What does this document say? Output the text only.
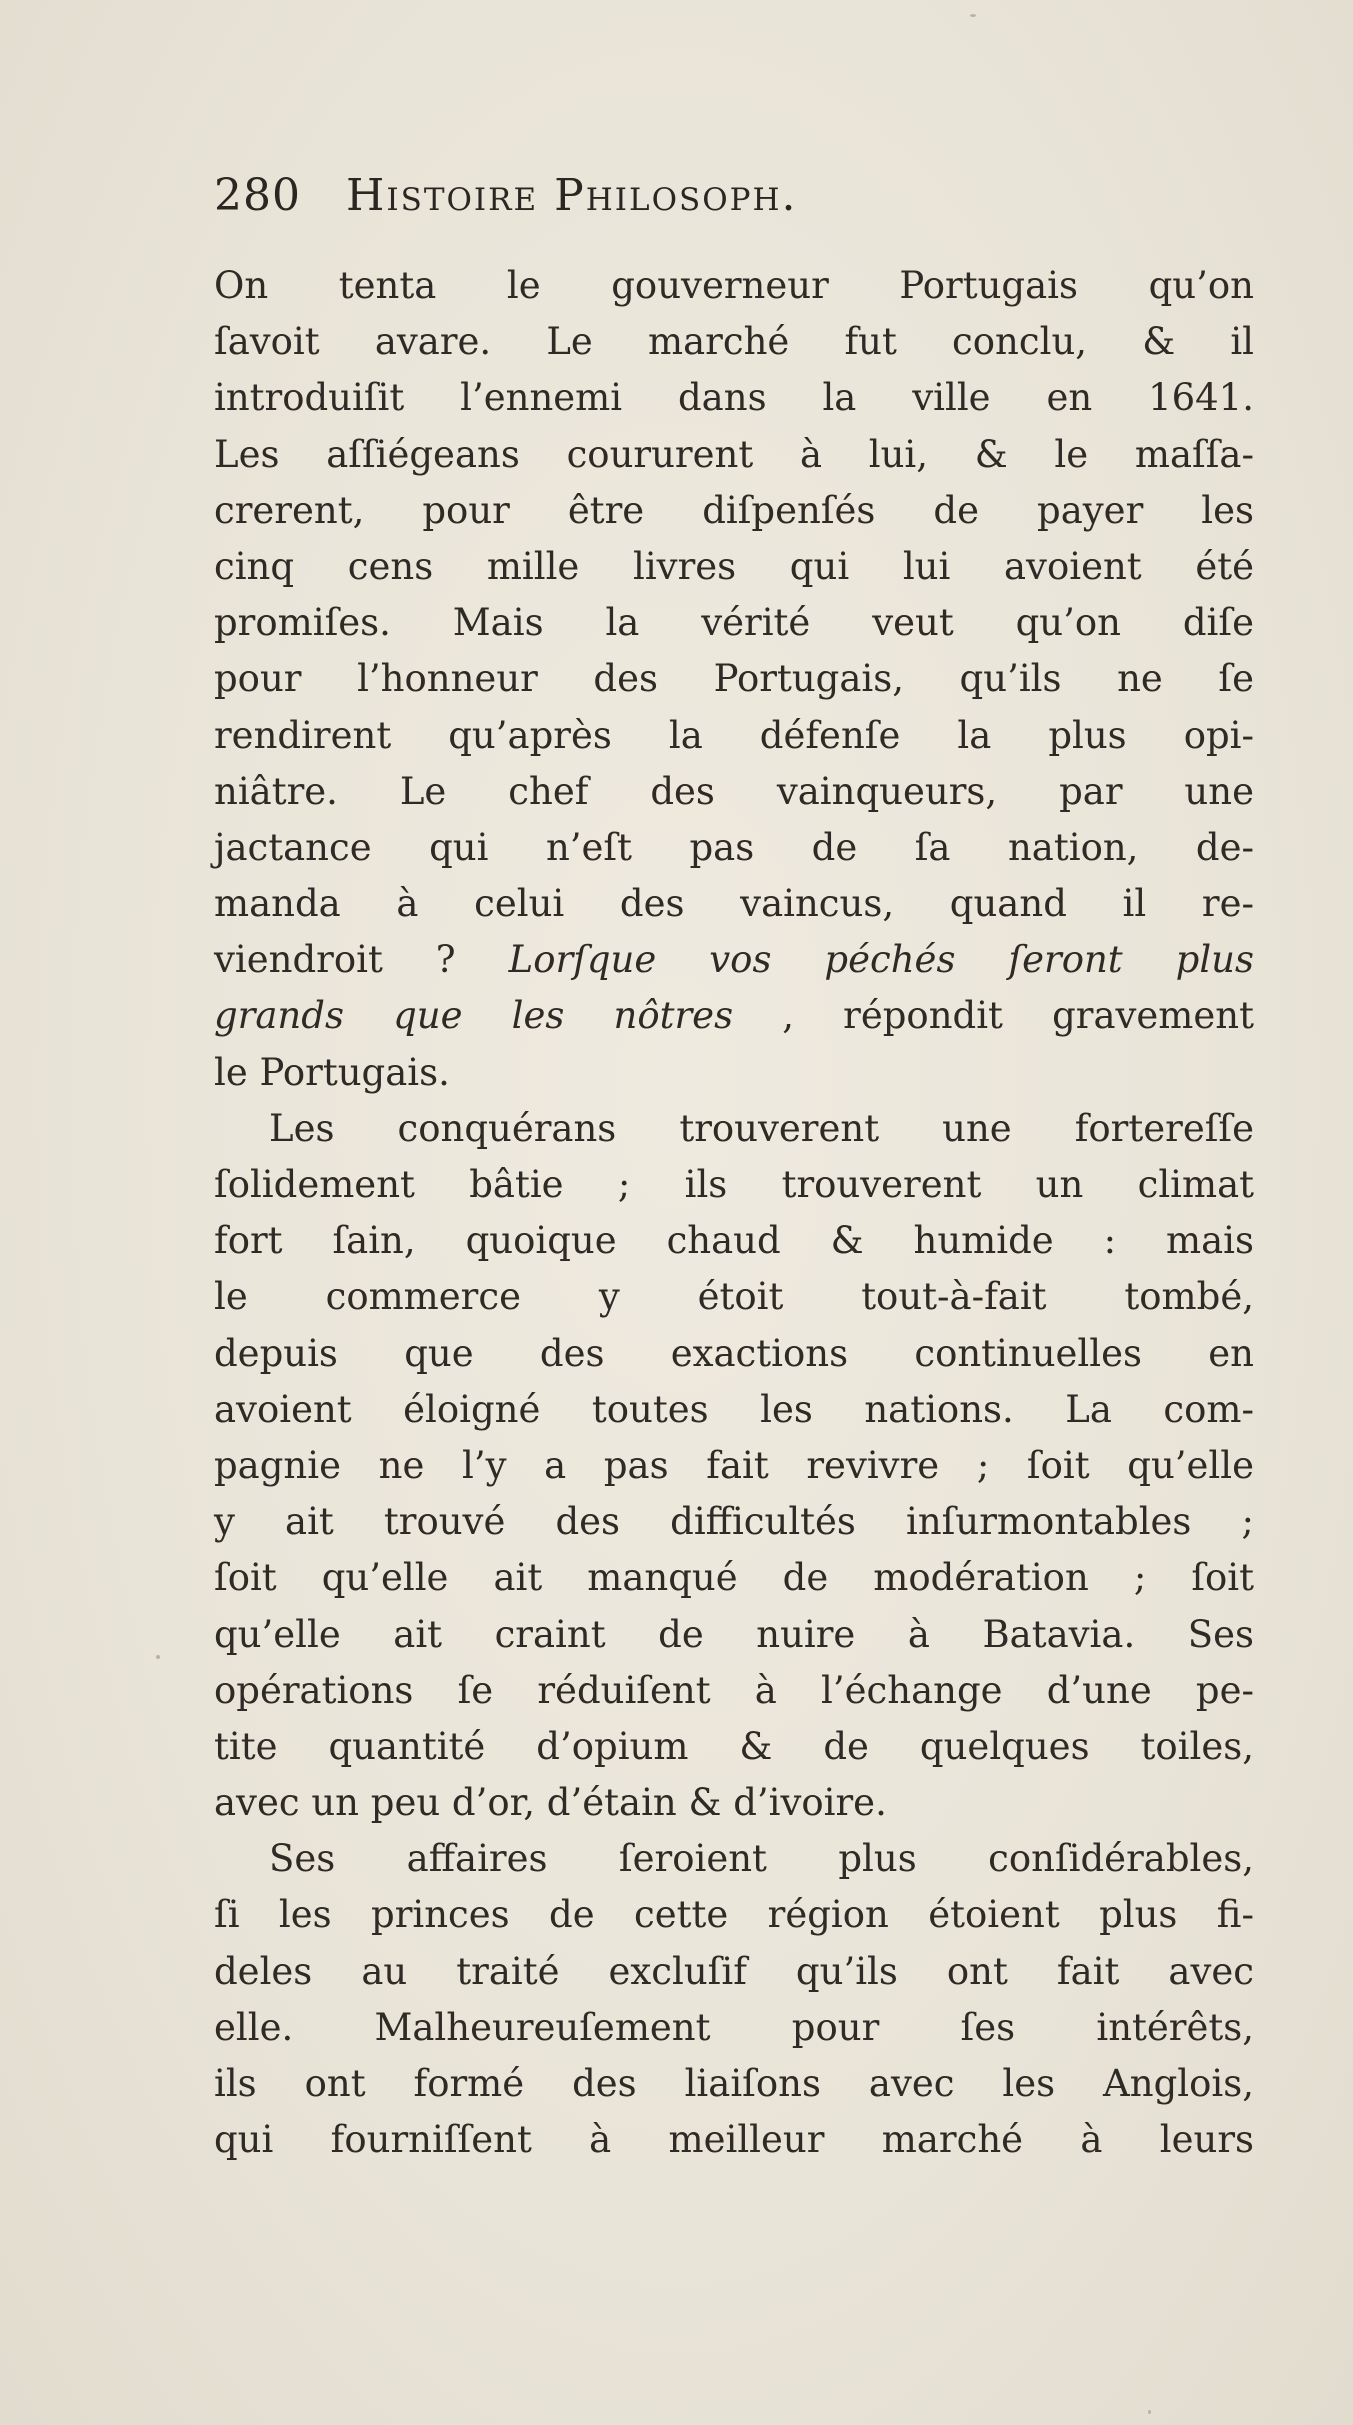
280 Histoire Philosoph.
On tenta le gouverneur Portugais qu’on
ſavoit avare. Le marché fut conclu, & il
introduiſit l’ennemi dans la ville en 1641.
Les aſſiégeans coururent à lui, & le maſſa-
crerent, pour être diſpenſés de payer les
cinq cens mille livres qui lui avoient été
promiſes. Mais la vérité veut qu’on diſe
pour l’honneur des Portugais, qu’ils ne ſe
rendirent qu’après la défenſe la plus opi-
niâtre. Le chef des vainqueurs, par une
jactance qui n’eſt pas de ſa nation, de-
manda à celui des vaincus, quand il re-
viendroit ? Lorſque vos péchés ſeront plus
grands que les nôtres , répondit gravement
le Portugais.
Les conquérans trouverent une fortereſſe
ſolidement bâtie ; ils trouverent un climat
fort ſain, quoique chaud & humide : mais
le commerce y étoit tout-à-fait tombé,
depuis que des exactions continuelles en
avoient éloigné toutes les nations. La com-
pagnie ne l’y a pas fait revivre ; ſoit qu’elle
y ait trouvé des difficultés inſurmontables ;
ſoit qu’elle ait manqué de modération ; ſoit
qu’elle ait craint de nuire à Batavia. Ses
opérations ſe réduiſent à l’échange d’une pe-
tite quantité d’opium & de quelques toiles,
avec un peu d’or, d’étain & d’ivoire.
Ses affaires ſeroient plus conſidérables,
ſi les princes de cette région étoient plus fi-
deles au traité excluſif qu’ils ont fait avec
elle. Malheureuſement pour ſes intérêts,
ils ont formé des liaiſons avec les Anglois,
qui fourniſſent à meilleur marché à leurs
